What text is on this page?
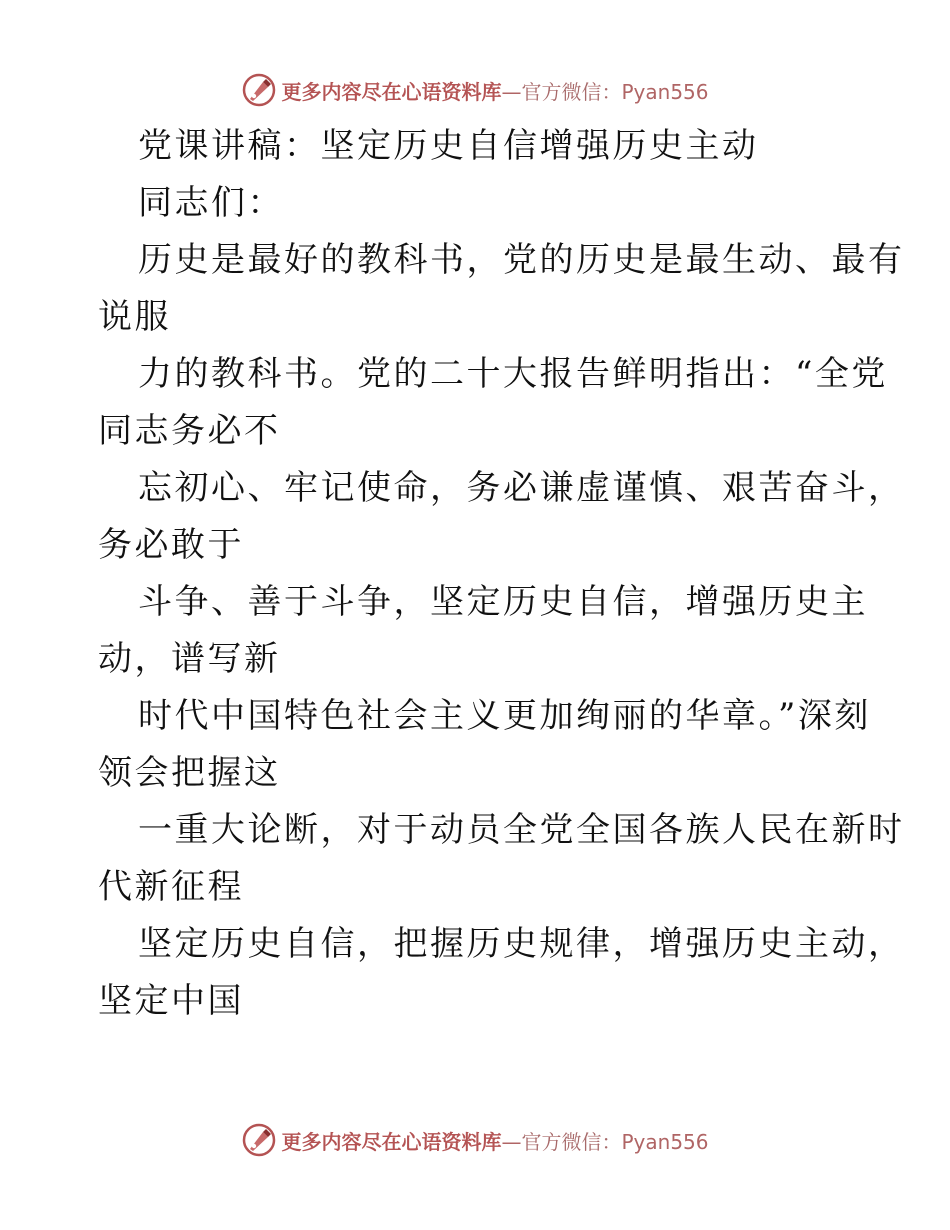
更多内容尽在心语资料库—官方微信：Pyan556
党课讲稿：坚定历史自信增强历史主动
同志们：
历史是最好的教科书，党的历史是最生动、最有
说服
力的教科书。党的二十大报告鲜明指出：“全党
同志务必不
忘初心、牢记使命，务必谦虚谨慎、艰苦奋斗，
务必敢于
斗争、善于斗争，坚定历史自信，增强历史主
动，谱写新
时代中国特色社会主义更加绚丽的华章。”深刻
领会把握这
一重大论断，对于动员全党全国各族人民在新时
代新征程
坚定历史自信，把握历史规律，增强历史主动，
坚定中国
更多内容尽在心语资料库—官方微信：Pyan556
